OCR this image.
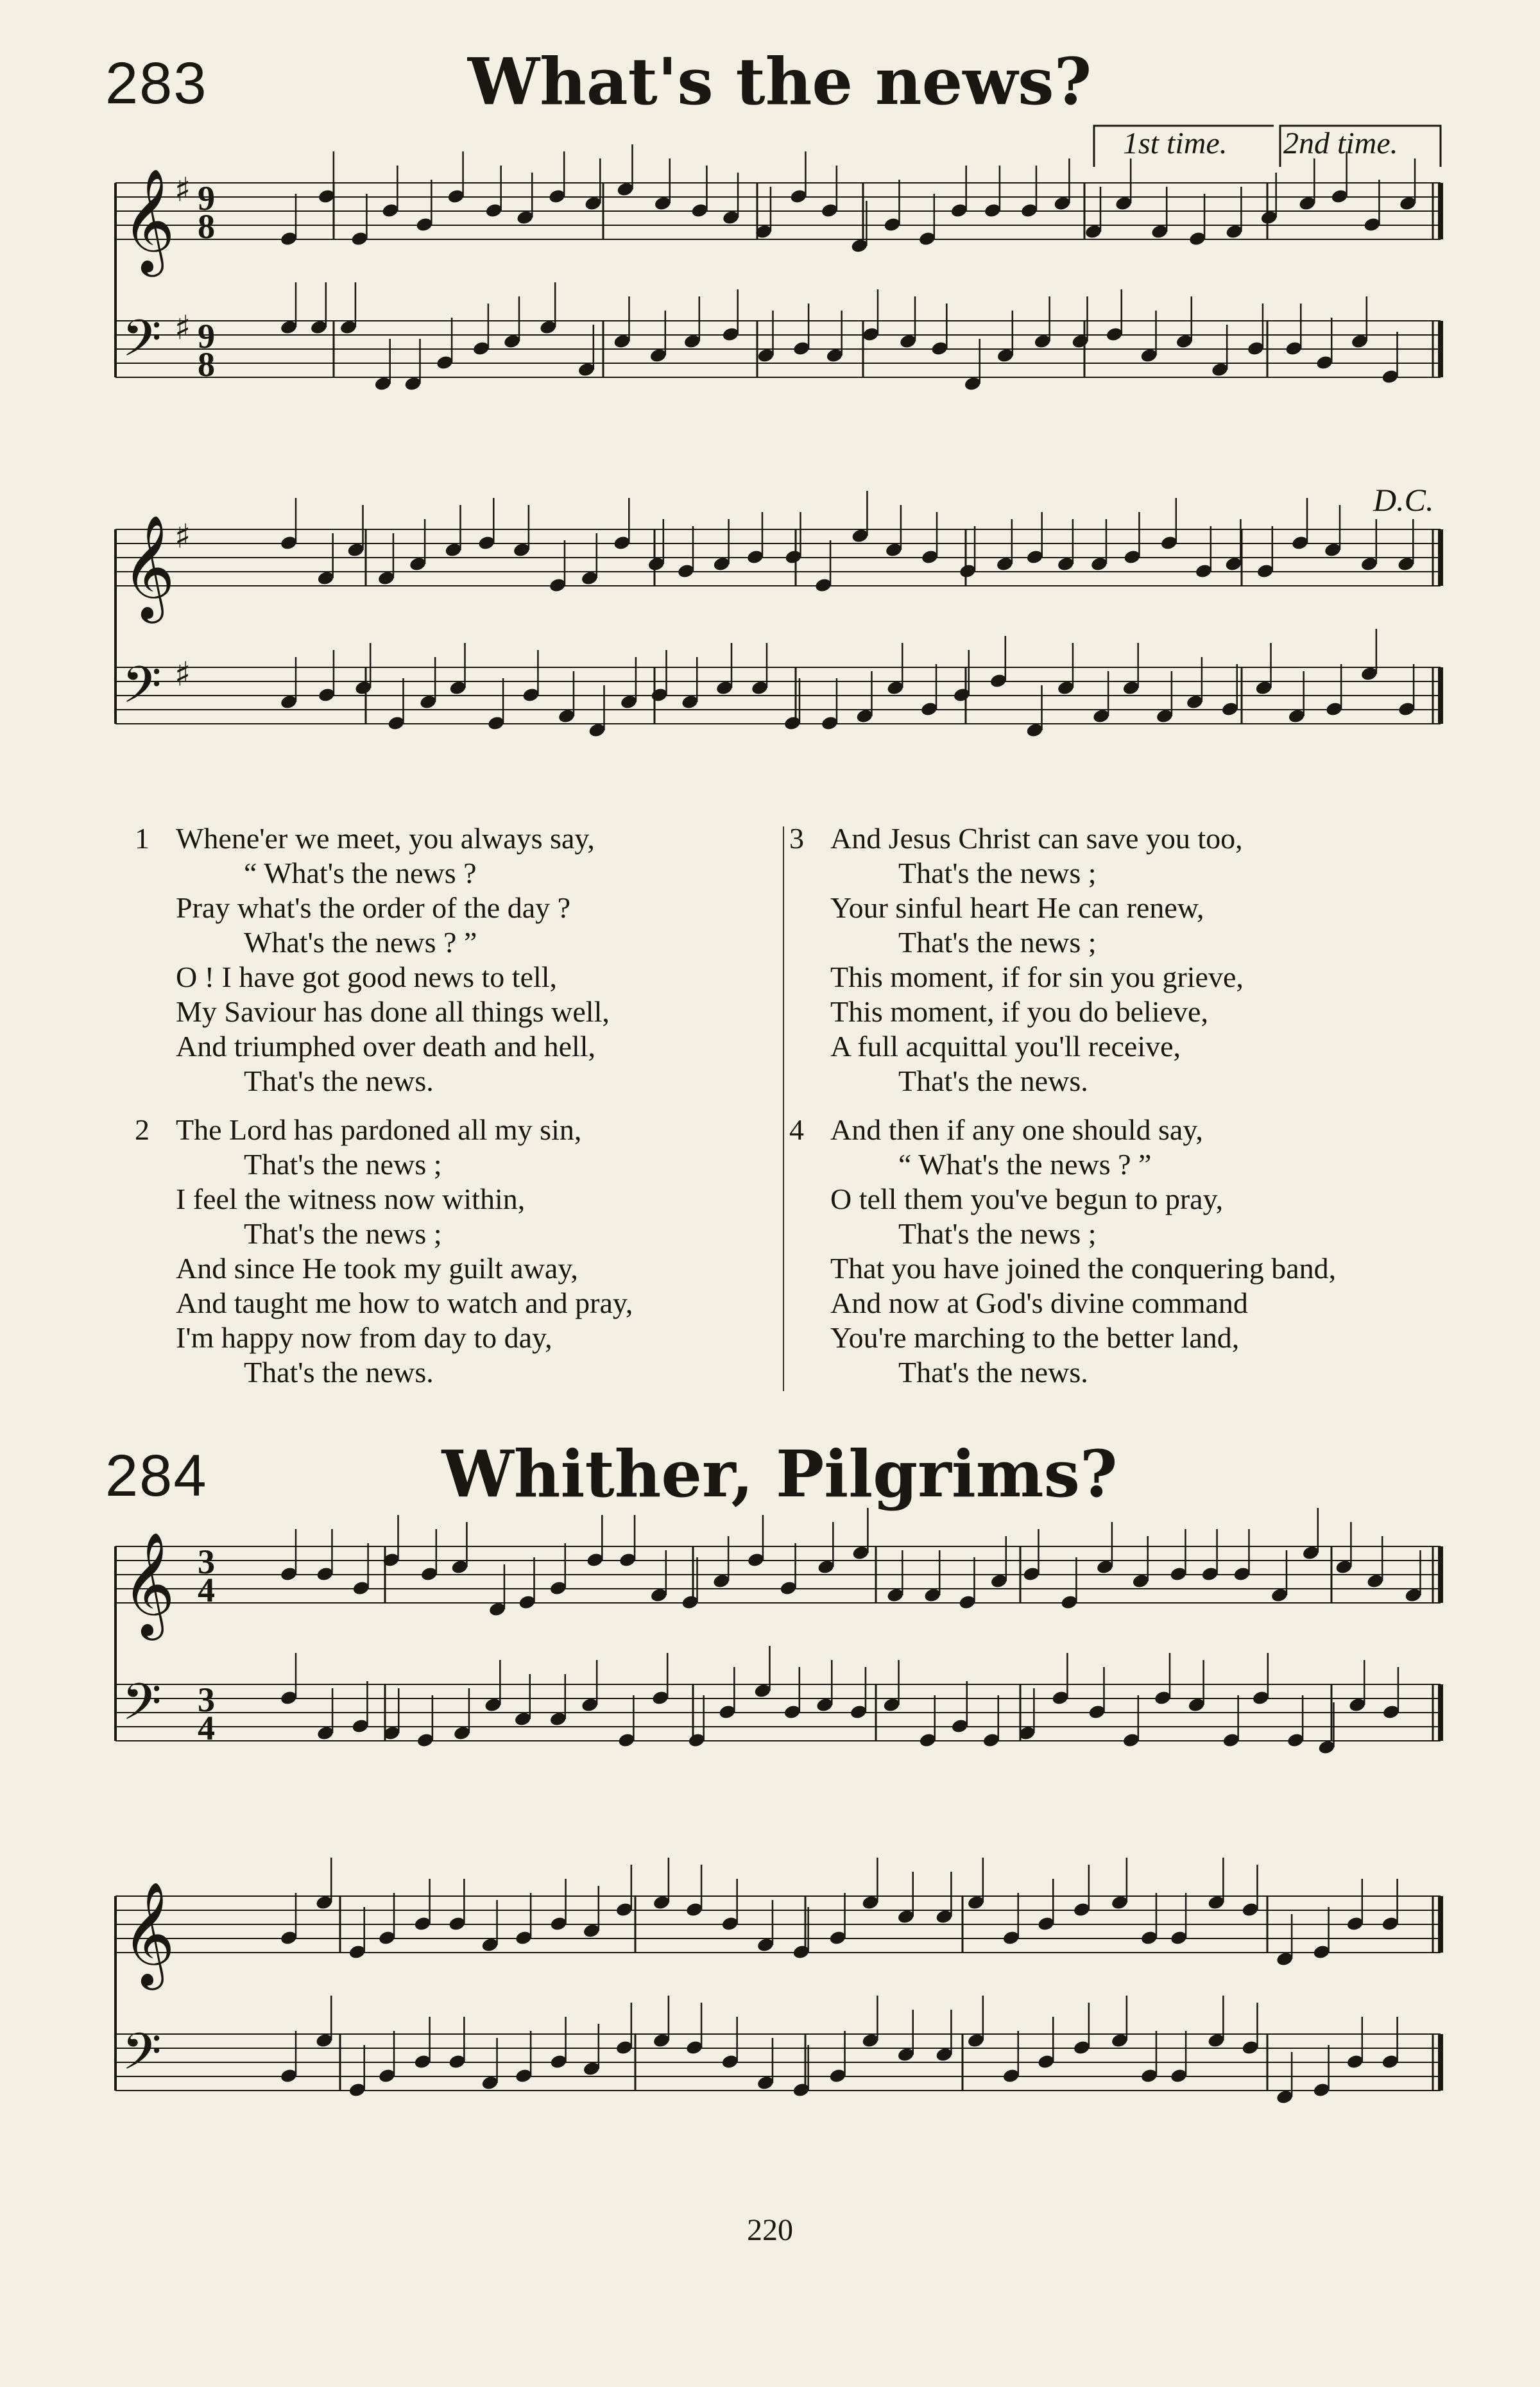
283	What's the news?
1st time. 2nd time.
D.C.
𝄞 ♯ 9
8
𝄢 ♯ 9
8
𝄞 ♯
𝄢 ♯
𝄞 3
4
𝄢 3
4
𝄞
𝄢
1 Whene'er we meet, you always say,
“ What's the news ?
Pray what's the order of the day ?
What's the news ? ”
O ! I have got good news to tell,
My Saviour has done all things well,
And triumphed over death and hell,
That's the news.
2 The Lord has pardoned all my sin,
That's the news ;
I feel the witness now within,
That's the news ;
And since He took my guilt away,
And taught me how to watch and pray,
I'm happy now from day to day,
That's the news.
3 And Jesus Christ can save you too,
That's the news ;
Your sinful heart He can renew,
That's the news ;
This moment, if for sin you grieve,
This moment, if you do believe,
A full acquittal you'll receive,
That's the news.
4 And then if any one should say,
“ What's the news ? ”
O tell them you've begun to pray,
That's the news ;
That you have joined the conquering band,
And now at God's divine command
You're marching to the better land,
That's the news.
284	Whither, Pilgrims?
220
